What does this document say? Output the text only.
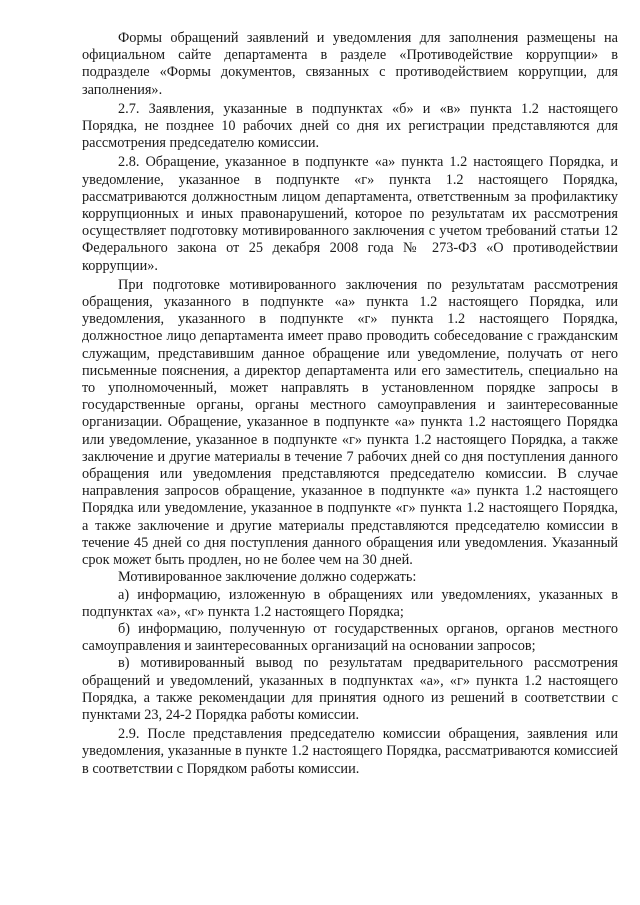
Формы обращений заявлений и уведомления для заполнения размещены на официальном сайте департамента в разделе «Противодействие коррупции» в подразделе «Формы документов, связанных с противодействием коррупции, для заполнения».

2.7. Заявления, указанные в подпунктах «б» и «в» пункта 1.2 настоящего Порядка, не позднее 10 рабочих дней со дня их регистрации представляются для рассмотрения председателю комиссии.

2.8. Обращение, указанное в подпункте «а» пункта 1.2 настоящего Порядка, и уведомление, указанное в подпункте «г» пункта 1.2 настоящего Порядка, рассматриваются должностным лицом департамента, ответственным за профилактику коррупционных и иных правонарушений, которое по результатам их рассмотрения осуществляет подготовку мотивированного заключения с учетом требований статьи 12 Федерального закона от 25 декабря 2008 года № 273-ФЗ «О противодействии коррупции».

При подготовке мотивированного заключения по результатам рассмотрения обращения, указанного в подпункте «а» пункта 1.2 настоящего Порядка, или уведомления, указанного в подпункте «г» пункта 1.2 настоящего Порядка, должностное лицо департамента имеет право проводить собеседование с гражданским служащим, представившим данное обращение или уведомление, получать от него письменные пояснения, а директор департамента или его заместитель, специально на то уполномоченный, может направлять в установленном порядке запросы в государственные органы, органы местного самоуправления и заинтересованные организации. Обращение, указанное в подпункте «а» пункта 1.2 настоящего Порядка или уведомление, указанное в подпункте «г» пункта 1.2 настоящего Порядка, а также заключение и другие материалы в течение 7 рабочих дней со дня поступления данного обращения или уведомления представляются председателю комиссии. В случае направления запросов обращение, указанное в подпункте «а» пункта 1.2 настоящего Порядка или уведомление, указанное в подпункте «г» пункта 1.2 настоящего Порядка, а также заключение и другие материалы представляются председателю комиссии в течение 45 дней со дня поступления данного обращения или уведомления. Указанный срок может быть продлен, но не более чем на 30 дней.

Мотивированное заключение должно содержать:

а) информацию, изложенную в обращениях или уведомлениях, указанных в подпунктах «а», «г» пункта 1.2 настоящего Порядка;

б) информацию, полученную от государственных органов, органов местного самоуправления и заинтересованных организаций на основании запросов;

в) мотивированный вывод по результатам предварительного рассмотрения обращений и уведомлений, указанных в подпунктах «а», «г» пункта 1.2 настоящего Порядка, а также рекомендации для принятия одного из решений в соответствии с пунктами 23, 24-2 Порядка работы комиссии.

2.9. После представления председателю комиссии обращения, заявления или уведомления, указанные в пункте 1.2 настоящего Порядка, рассматриваются комиссией в соответствии с Порядком работы комиссии.
